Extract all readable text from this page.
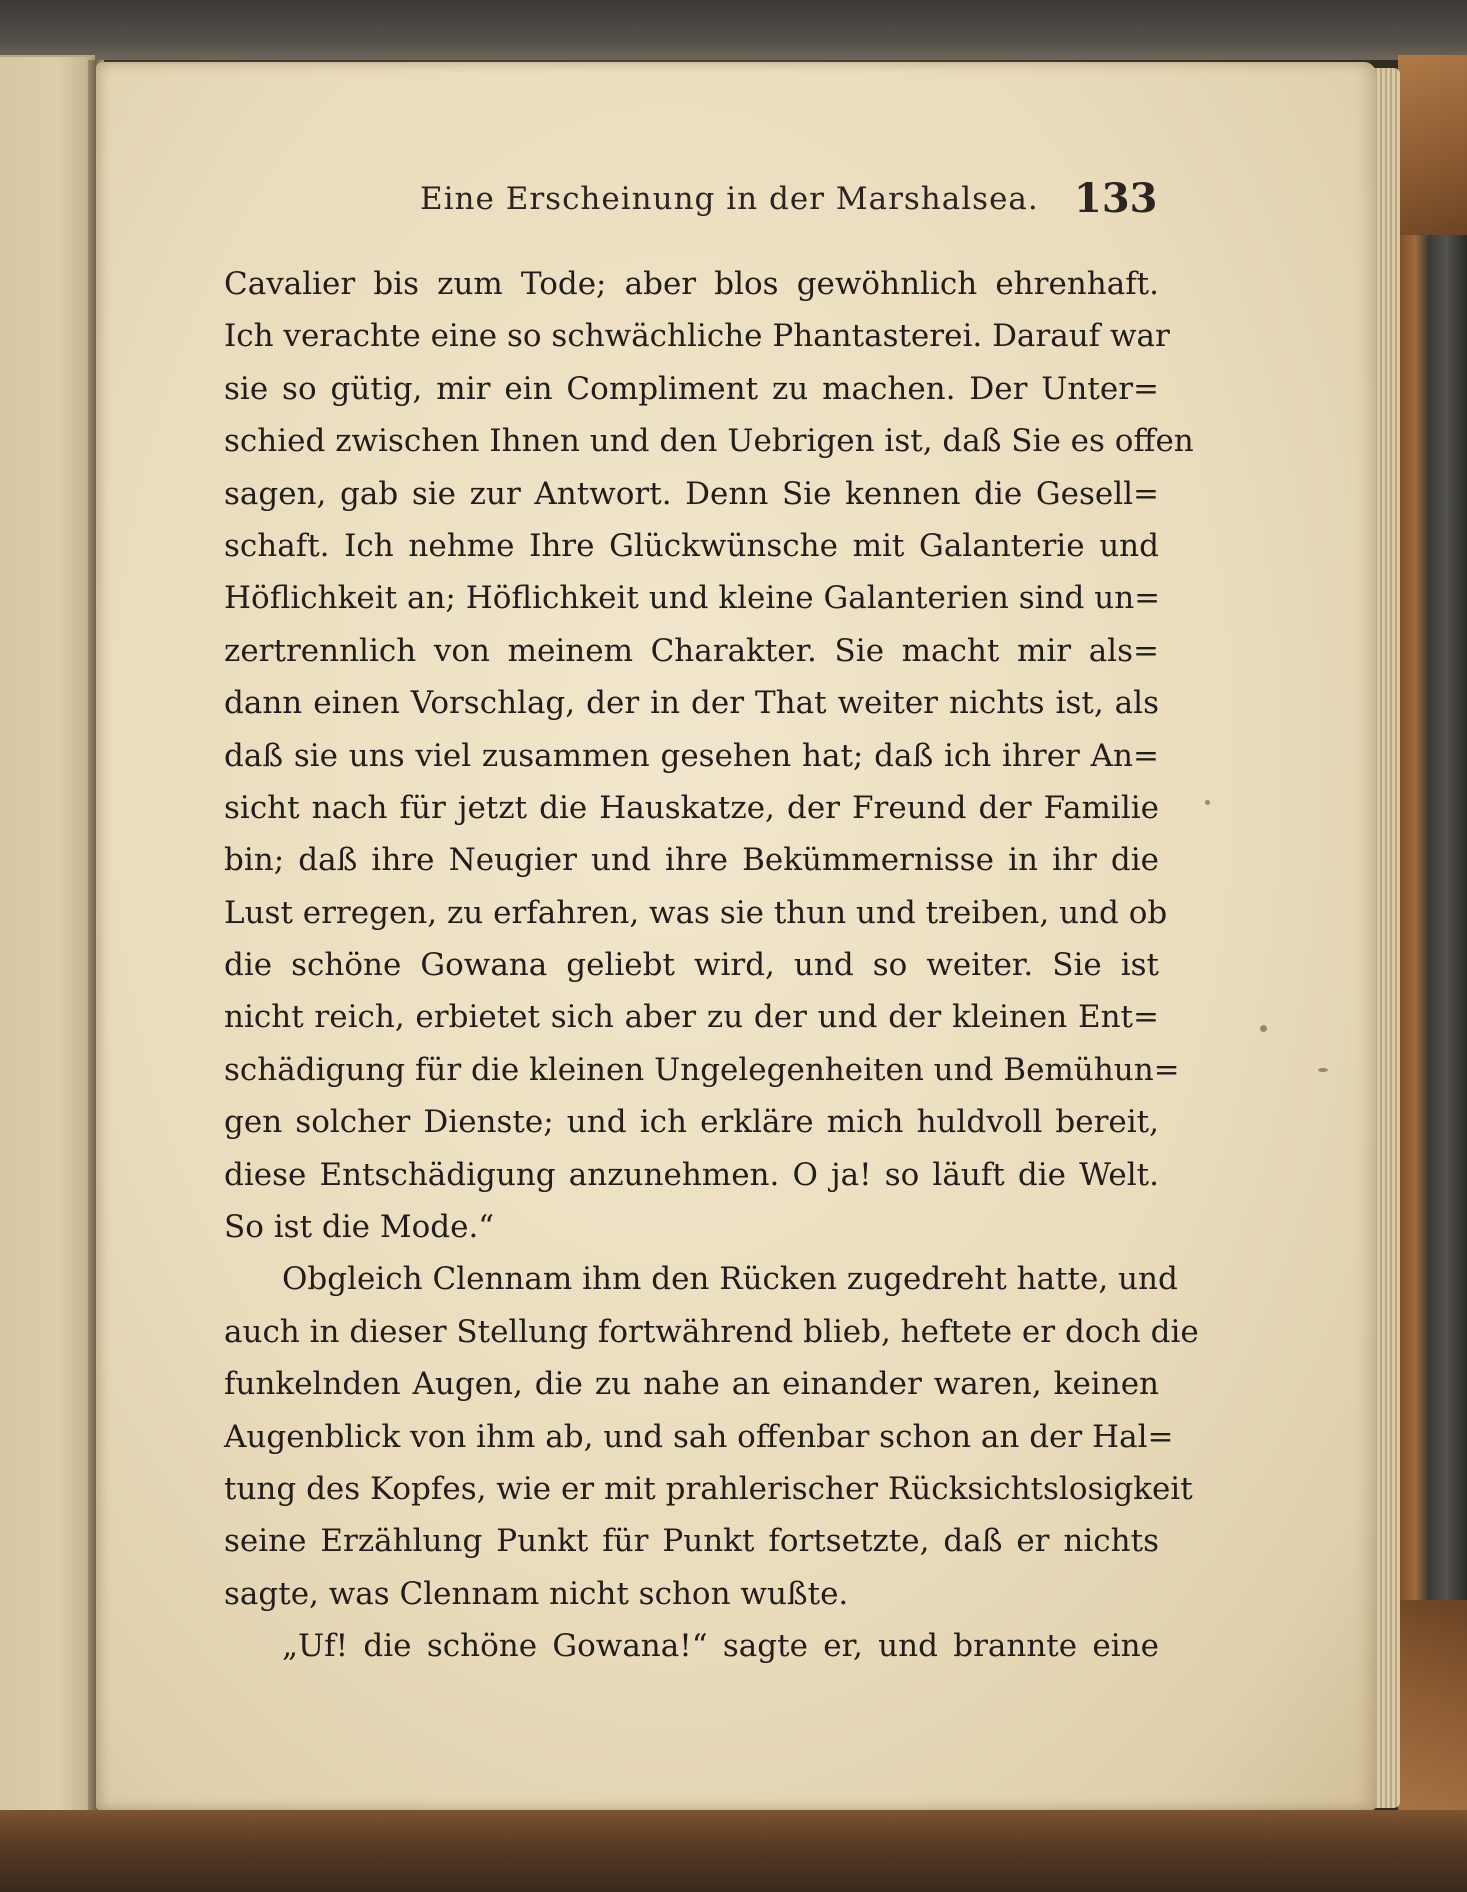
Eine Erscheinung in der Marshalsea. 133
Cavalier bis zum Tode; aber blos gewöhnlich ehrenhaft.
Ich verachte eine so schwächliche Phantasterei. Darauf war
sie so gütig, mir ein Compliment zu machen. Der Unter=
schied zwischen Ihnen und den Uebrigen ist, daß Sie es offen
sagen, gab sie zur Antwort. Denn Sie kennen die Gesell=
schaft. Ich nehme Ihre Glückwünsche mit Galanterie und
Höflichkeit an; Höflichkeit und kleine Galanterien sind un=
zertrennlich von meinem Charakter. Sie macht mir als=
dann einen Vorschlag, der in der That weiter nichts ist, als
daß sie uns viel zusammen gesehen hat; daß ich ihrer An=
sicht nach für jetzt die Hauskatze, der Freund der Familie
bin; daß ihre Neugier und ihre Bekümmernisse in ihr die
Lust erregen, zu erfahren, was sie thun und treiben, und ob
die schöne Gowana geliebt wird, und so weiter. Sie ist
nicht reich, erbietet sich aber zu der und der kleinen Ent=
schädigung für die kleinen Ungelegenheiten und Bemühun=
gen solcher Dienste; und ich erkläre mich huldvoll bereit,
diese Entschädigung anzunehmen. O ja! so läuft die Welt.
So ist die Mode.“
Obgleich Clennam ihm den Rücken zugedreht hatte, und
auch in dieser Stellung fortwährend blieb, heftete er doch die
funkelnden Augen, die zu nahe an einander waren, keinen
Augenblick von ihm ab, und sah offenbar schon an der Hal=
tung des Kopfes, wie er mit prahlerischer Rücksichtslosigkeit
seine Erzählung Punkt für Punkt fortsetzte, daß er nichts
sagte, was Clennam nicht schon wußte.
„Uf! die schöne Gowana!“ sagte er, und brannte eine
